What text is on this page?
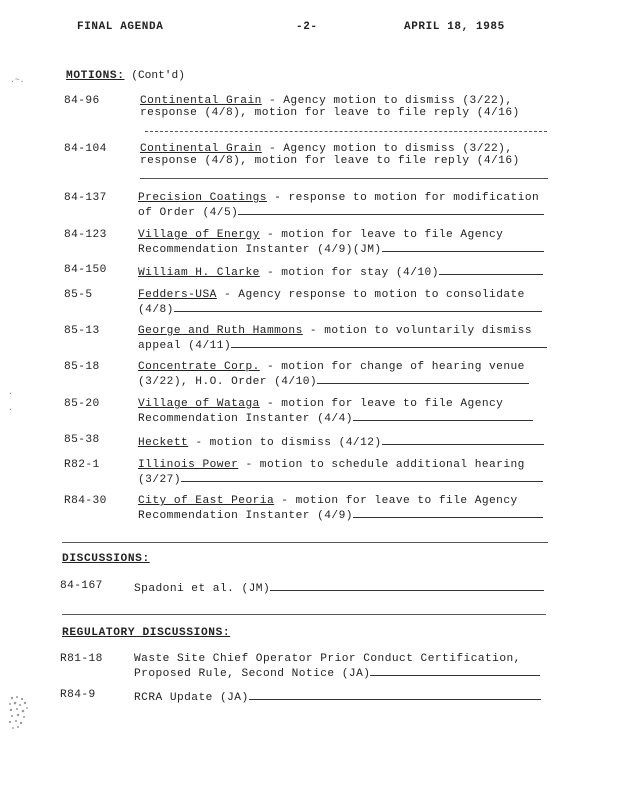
FINAL AGENDA	-2-	APRIL 18, 1985
.~.
.
.
MOTIONS: (Cont'd)
84-96	Continental Grain - Agency motion to dismiss (3/22),
response (4/8), motion for leave to file reply (4/16)
84-104	Continental Grain - Agency motion to dismiss (3/22),
response (4/8), motion for leave to file reply (4/16)
84-137	Precision Coatings - response to motion for modification
of Order (4/5)
84-123	Village of Energy - motion for leave to file Agency
Recommendation Instanter (4/9)(JM)
84-150	William H. Clarke - motion for stay (4/10)
85-5	Fedders-USA - Agency response to motion to consolidate
(4/8)
85-13	George and Ruth Hammons - motion to voluntarily dismiss
appeal (4/11)
85-18	Concentrate Corp. - motion for change of hearing venue
(3/22), H.O. Order (4/10)
85-20	Village of Wataga - motion for leave to file Agency
Recommendation Instanter (4/4)
85-38	Heckett - motion to dismiss (4/12)
R82-1	Illinois Power - motion to schedule additional hearing
(3/27)
R84-30	City of East Peoria - motion for leave to file Agency
Recommendation Instanter (4/9)
DISCUSSIONS:
84-167	Spadoni et al. (JM)
REGULATORY DISCUSSIONS:
R81-18	Waste Site Chief Operator Prior Conduct Certification,
Proposed Rule, Second Notice (JA)
R84-9	RCRA Update (JA)
